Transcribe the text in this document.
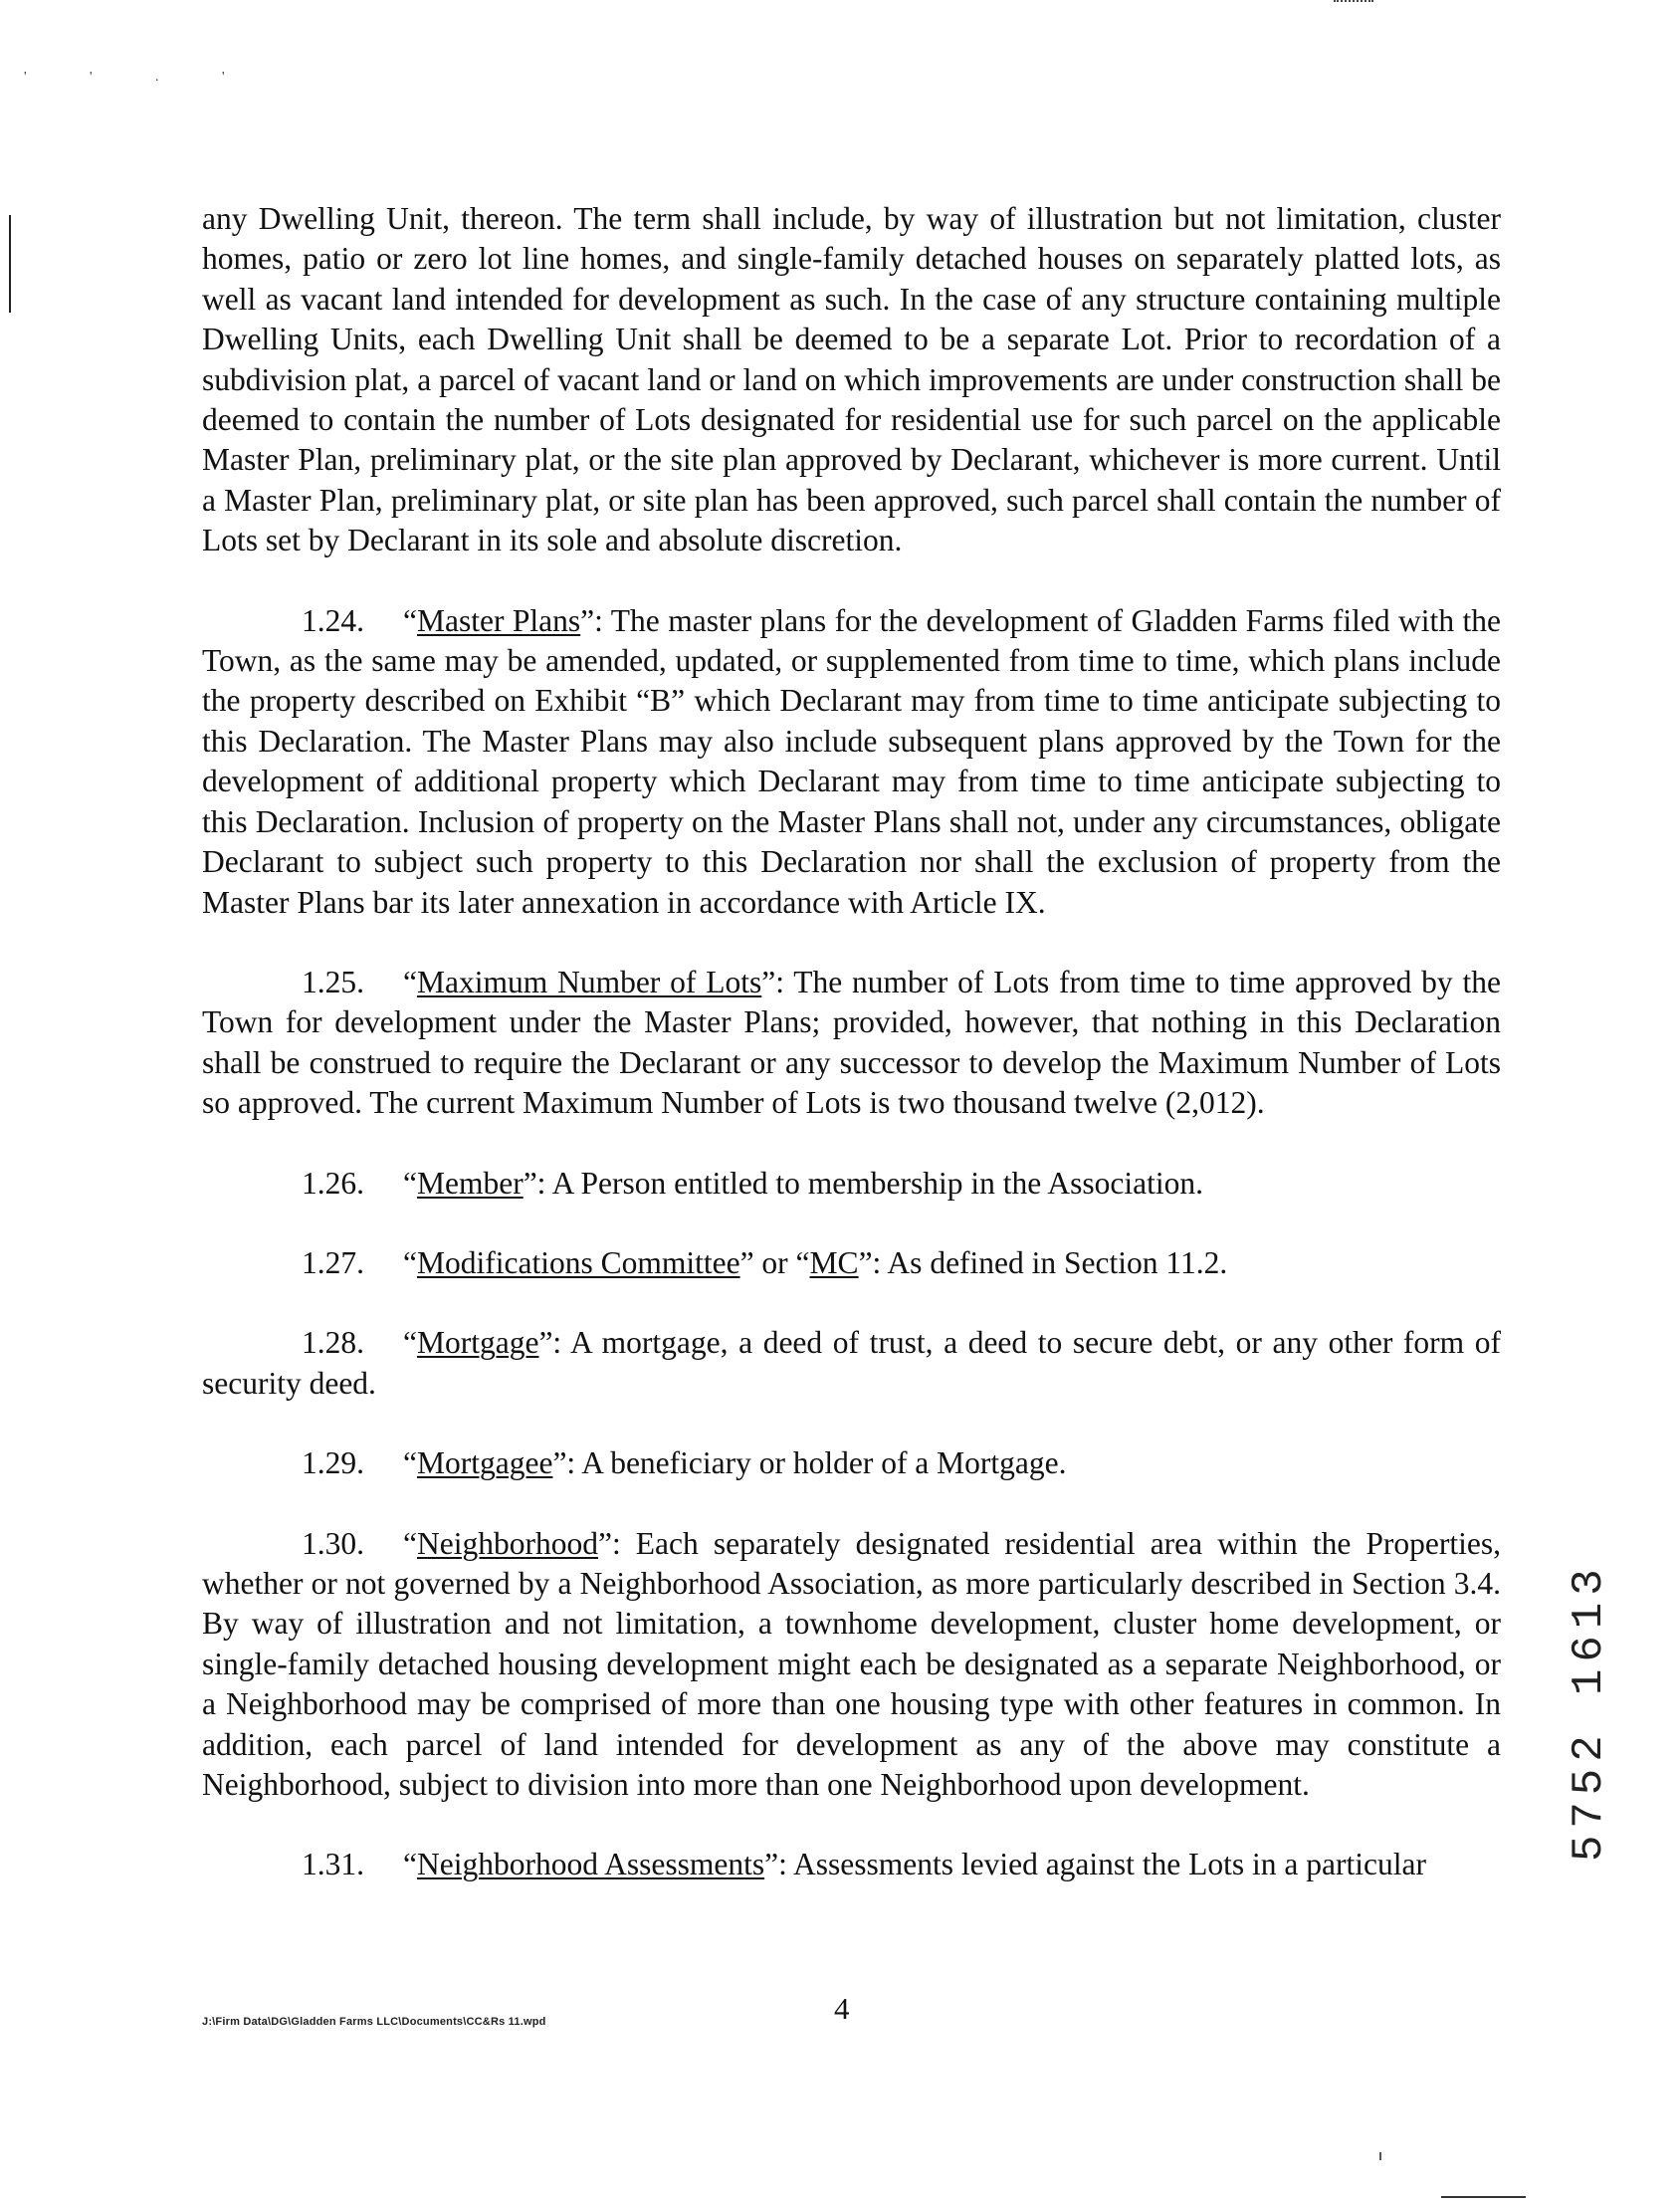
' ' . '

any Dwelling Unit, thereon. The term shall include, by way of illustration but not limitation, cluster homes, patio or zero lot line homes, and single-family detached houses on separately platted lots, as well as vacant land intended for development as such. In the case of any structure containing multiple Dwelling Units, each Dwelling Unit shall be deemed to be a separate Lot. Prior to recordation of a subdivision plat, a parcel of vacant land or land on which improvements are under construction shall be deemed to contain the number of Lots designated for residential use for such parcel on the applicable Master Plan, preliminary plat, or the site plan approved by Declarant, whichever is more current. Until a Master Plan, preliminary plat, or site plan has been approved, such parcel shall contain the number of Lots set by Declarant in its sole and absolute discretion.

1.24. “Master Plans”: The master plans for the development of Gladden Farms filed with the Town, as the same may be amended, updated, or supplemented from time to time, which plans include the property described on Exhibit “B” which Declarant may from time to time anticipate subjecting to this Declaration. The Master Plans may also include subsequent plans approved by the Town for the development of additional property which Declarant may from time to time anticipate subjecting to this Declaration. Inclusion of property on the Master Plans shall not, under any circumstances, obligate Declarant to subject such property to this Declaration nor shall the exclusion of property from the Master Plans bar its later annexation in accordance with Article IX.

1.25. “Maximum Number of Lots”: The number of Lots from time to time approved by the Town for development under the Master Plans; provided, however, that nothing in this Declaration shall be construed to require the Declarant or any successor to develop the Maximum Number of Lots so approved. The current Maximum Number of Lots is two thousand twelve (2,012).

1.26. “Member”: A Person entitled to membership in the Association.

1.27. “Modifications Committee” or “MC”: As defined in Section 11.2.

1.28. “Mortgage”: A mortgage, a deed of trust, a deed to secure debt, or any other form of security deed.

1.29. “Mortgagee”: A beneficiary or holder of a Mortgage.

1.30. “Neighborhood”: Each separately designated residential area within the Properties, whether or not governed by a Neighborhood Association, as more particularly described in Section 3.4. By way of illustration and not limitation, a townhome development, cluster home development, or single-family detached housing development might each be designated as a separate Neighborhood, or a Neighborhood may be comprised of more than one housing type with other features in common. In addition, each parcel of land intended for development as any of the above may constitute a Neighborhood, subject to division into more than one Neighborhood upon development.

1.31. “Neighborhood Assessments”: Assessments levied against the Lots in a particular

J:\Firm Data\DG\Gladden Farms LLC\Documents\CC&Rs 11.wpd	4
5752 1613
